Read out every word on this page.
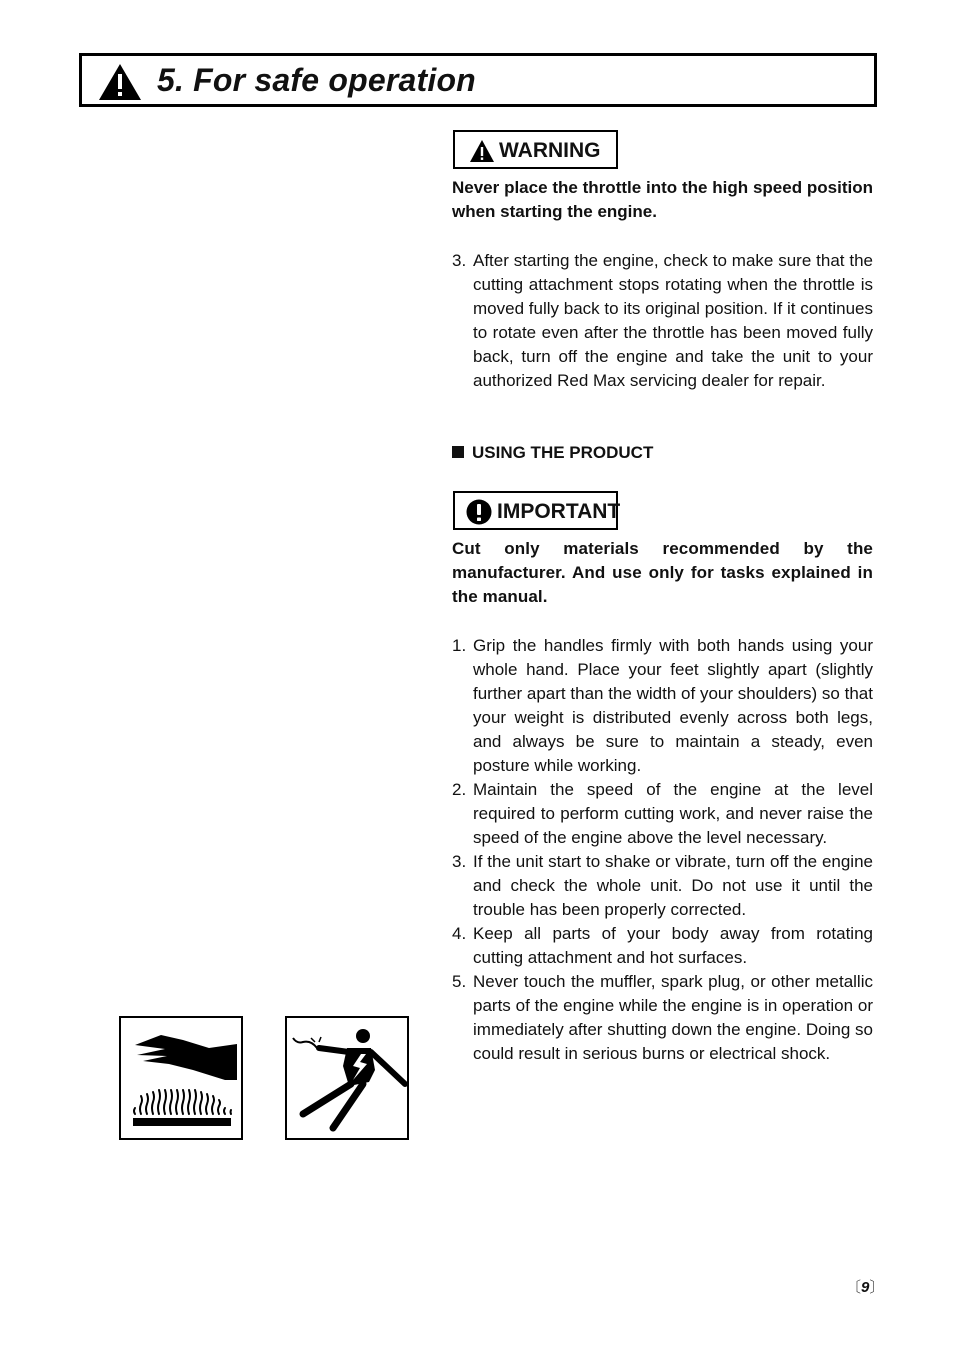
5. For safe operation
WARNING
Never place the throttle into the high speed position when starting the engine.
3. After starting the engine, check to make sure that the cutting attachment stops rotating when the throttle is moved fully back to its original position. If it continues to rotate even after the throttle has been moved fully back, turn off the engine and take the unit to your authorized Red Max servicing dealer for repair.
USING THE PRODUCT
IMPORTANT
Cut only materials recommended by the manufacturer. And use only for tasks explained in the manual.
1. Grip the handles firmly with both hands using your whole hand. Place your feet slightly apart (slightly further apart than the width of your shoulders) so that your weight is distributed evenly across both legs, and always be sure to maintain a steady, even posture while working.
2. Maintain the speed of the engine at the level required to perform cutting work, and never raise the speed of the engine above the level necessary.
3. If the unit start to shake or vibrate, turn off the engine and check the whole unit. Do not use it until the trouble has been properly corrected.
4. Keep all parts of your body away from rotating cutting attachment and hot surfaces.
5. Never touch the muffler, spark plug, or other metallic parts of the engine while the engine is in operation or immediately after shutting down the engine. Doing so could result in serious burns or electrical shock.
〔9〕
